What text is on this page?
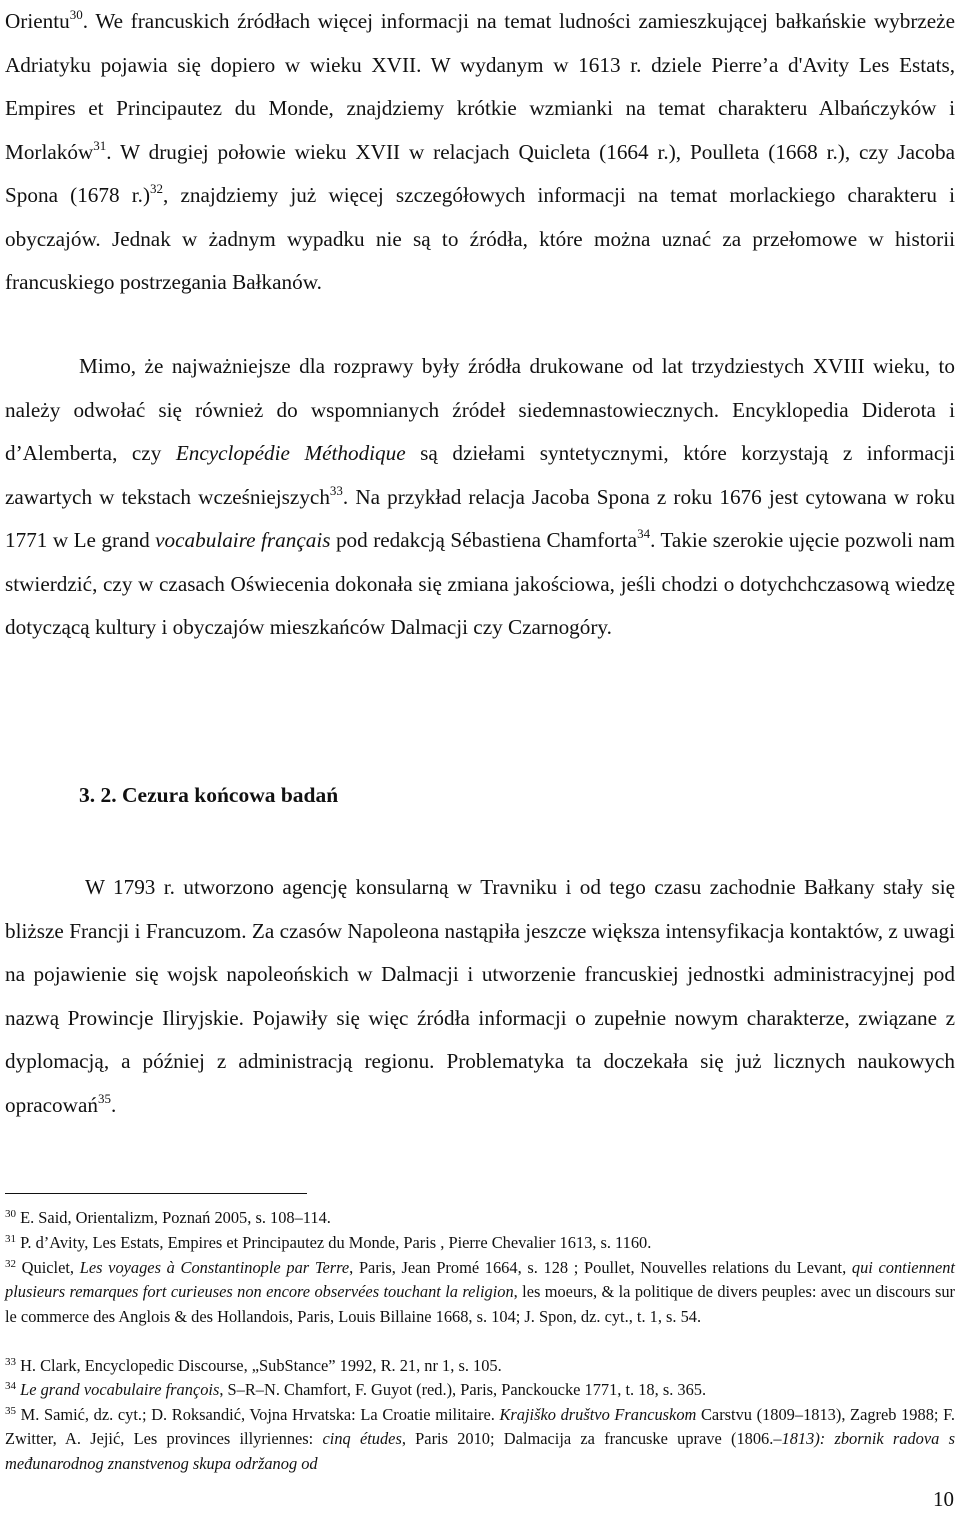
Orientu$^{30}$. We francuskich źródłach więcej informacji na temat ludności zamieszkującej bałkańskie wybrzeże Adriatyku pojawia się dopiero w wieku XVII. W wydanym w 1613 r. dziele Pierre’a d'Avity Les Estats, Empires et Principautez du Monde, znajdziemy krótkie wzmianki na temat charakteru Albańczyków i Morlaków$^{31}$. W drugiej połowie wieku XVII w relacjach Quicleta (1664 r.), Poulleta (1668 r.), czy Jacoba Spona (1678 r.)$^{32}$, znajdziemy już więcej szczegółowych informacji na temat morlackiego charakteru i obyczajów. Jednak w żadnym wypadku nie są to źródła, które można uznać za przełomowe w historii francuskiego postrzegania Bałkanów.

Mimo, że najważniejsze dla rozprawy były źródła drukowane od lat trzydziestych XVIII wieku, to należy odwołać się również do wspomnianych źródeł siedemnastowiecznych. Encyklopedia Diderota i d’Alemberta, czy Encyclopédie Méthodique są dziełami syntetycznymi, które korzystają z informacji zawartych w tekstach wcześniejszych$^{33}$. Na przykład relacja Jacoba Spona z roku 1676 jest cytowana w roku 1771 w Le grand vocabulaire français pod redakcją Sébastiena Chamforta$^{34}$. Takie szerokie ujęcie pozwoli nam stwierdzić, czy w czasach Oświecenia dokonała się zmiana jakościowa, jeśli chodzi o dotychchczasową wiedzę dotyczącą kultury i obyczajów mieszkańców Dalmacji czy Czarnogóry.

3. 2. Cezura końcowa badań

W 1793 r. utworzono agencję konsularną w Travniku i od tego czasu zachodnie Bałkany stały się bliższe Francji i Francuzom. Za czasów Napoleona nastąpiła jeszcze większa intensyfikacja kontaktów, z uwagi na pojawienie się wojsk napoleońskich w Dalmacji i utworzenie francuskiej jednostki administracyjnej pod nazwą Prowincje Iliryjskie. Pojawiły się więc źródła informacji o zupełnie nowym charakterze, związane z dyplomacją, a później z administracją regionu. Problematyka ta doczekała się już licznych naukowych opracowań$^{35}$.

$^{30}$ E. Said, Orientalizm, Poznań 2005, s. 108–114.

$^{31}$ P. d’Avity, Les Estats, Empires et Principautez du Monde, Paris , Pierre Chevalier 1613, s. 1160.

$^{32}$ Quiclet, Les voyages à Constantinople par Terre, Paris, Jean Promé 1664, s. 128 ; Poullet, Nouvelles relations du Levant, qui contiennent plusieurs remarques fort curieuses non encore observées touchant la religion, les moeurs, & la politique de divers peuples: avec un discours sur le commerce des Anglois & des Hollandois, Paris, Louis Billaine 1668, s. 104; J. Spon, dz. cyt., t. 1, s. 54.

$^{33}$ H. Clark, Encyclopedic Discourse, „SubStance” 1992, R. 21, nr 1, s. 105.

$^{34}$ Le grand vocabulaire françois, S–R–N. Chamfort, F. Guyot (red.), Paris, Panckoucke 1771, t. 18, s. 365.

$^{35}$ M. Samić, dz. cyt.; D. Roksandić, Vojna Hrvatska: La Croatie militaire. Krajiško društvo Francuskom Carstvu (1809–1813), Zagreb 1988; F. Zwitter, A. Jejić, Les provinces illyriennes: cinq études, Paris 2010; Dalmacija za francuske uprave (1806.–1813): zbornik radova s međunarodnog znanstvenog skupa održanog od

10
